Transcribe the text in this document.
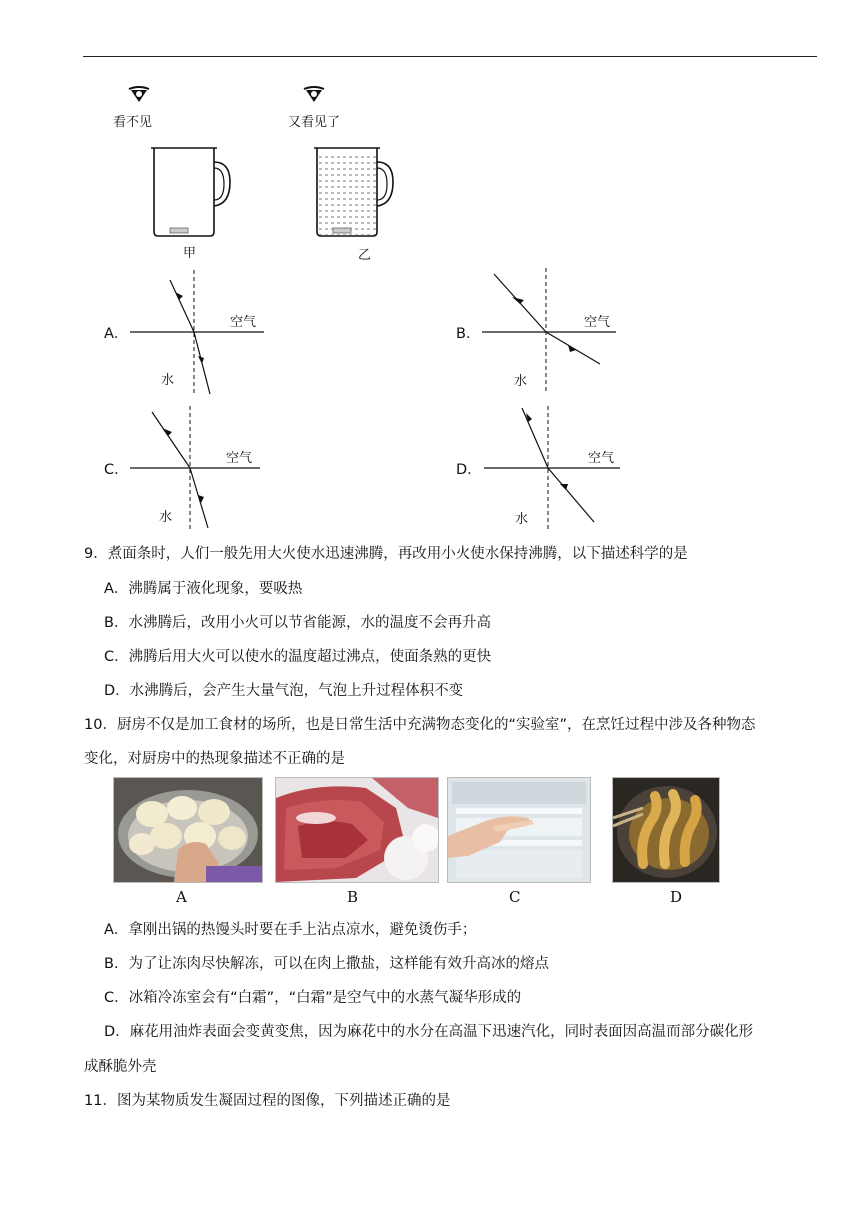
看不见	又看见了
甲	乙
A．
空气
水
B．
空气
水
C．
空气
水
D．
空气
水
9．煮面条时，人们一般先用大火使水迅速沸腾，再改用小火使水保持沸腾，以下描述科学的是
A．沸腾属于液化现象，要吸热
B．水沸腾后，改用小火可以节省能源，水的温度不会再升高
C．沸腾后用大火可以使水的温度超过沸点，使面条熟的更快
D．水沸腾后，会产生大量气泡，气泡上升过程体积不变
10．厨房不仅是加工食材的场所，也是日常生活中充满物态变化的“实验室”，在烹饪过程中涉及各种物态
变化，对厨房中的热现象描述不正确的是
A	B	C	D
A．拿刚出锅的热馒头时要在手上沾点凉水，避免烫伤手；
B．为了让冻肉尽快解冻，可以在肉上撒盐，这样能有效升高冰的熔点
C．冰箱冷冻室会有“白霜”，“白霜”是空气中的水蒸气凝华形成的
D．麻花用油炸表面会变黄变焦，因为麻花中的水分在高温下迅速汽化，同时表面因高温而部分碳化形
成酥脆外壳
11．图为某物质发生凝固过程的图像，下列描述正确的是
